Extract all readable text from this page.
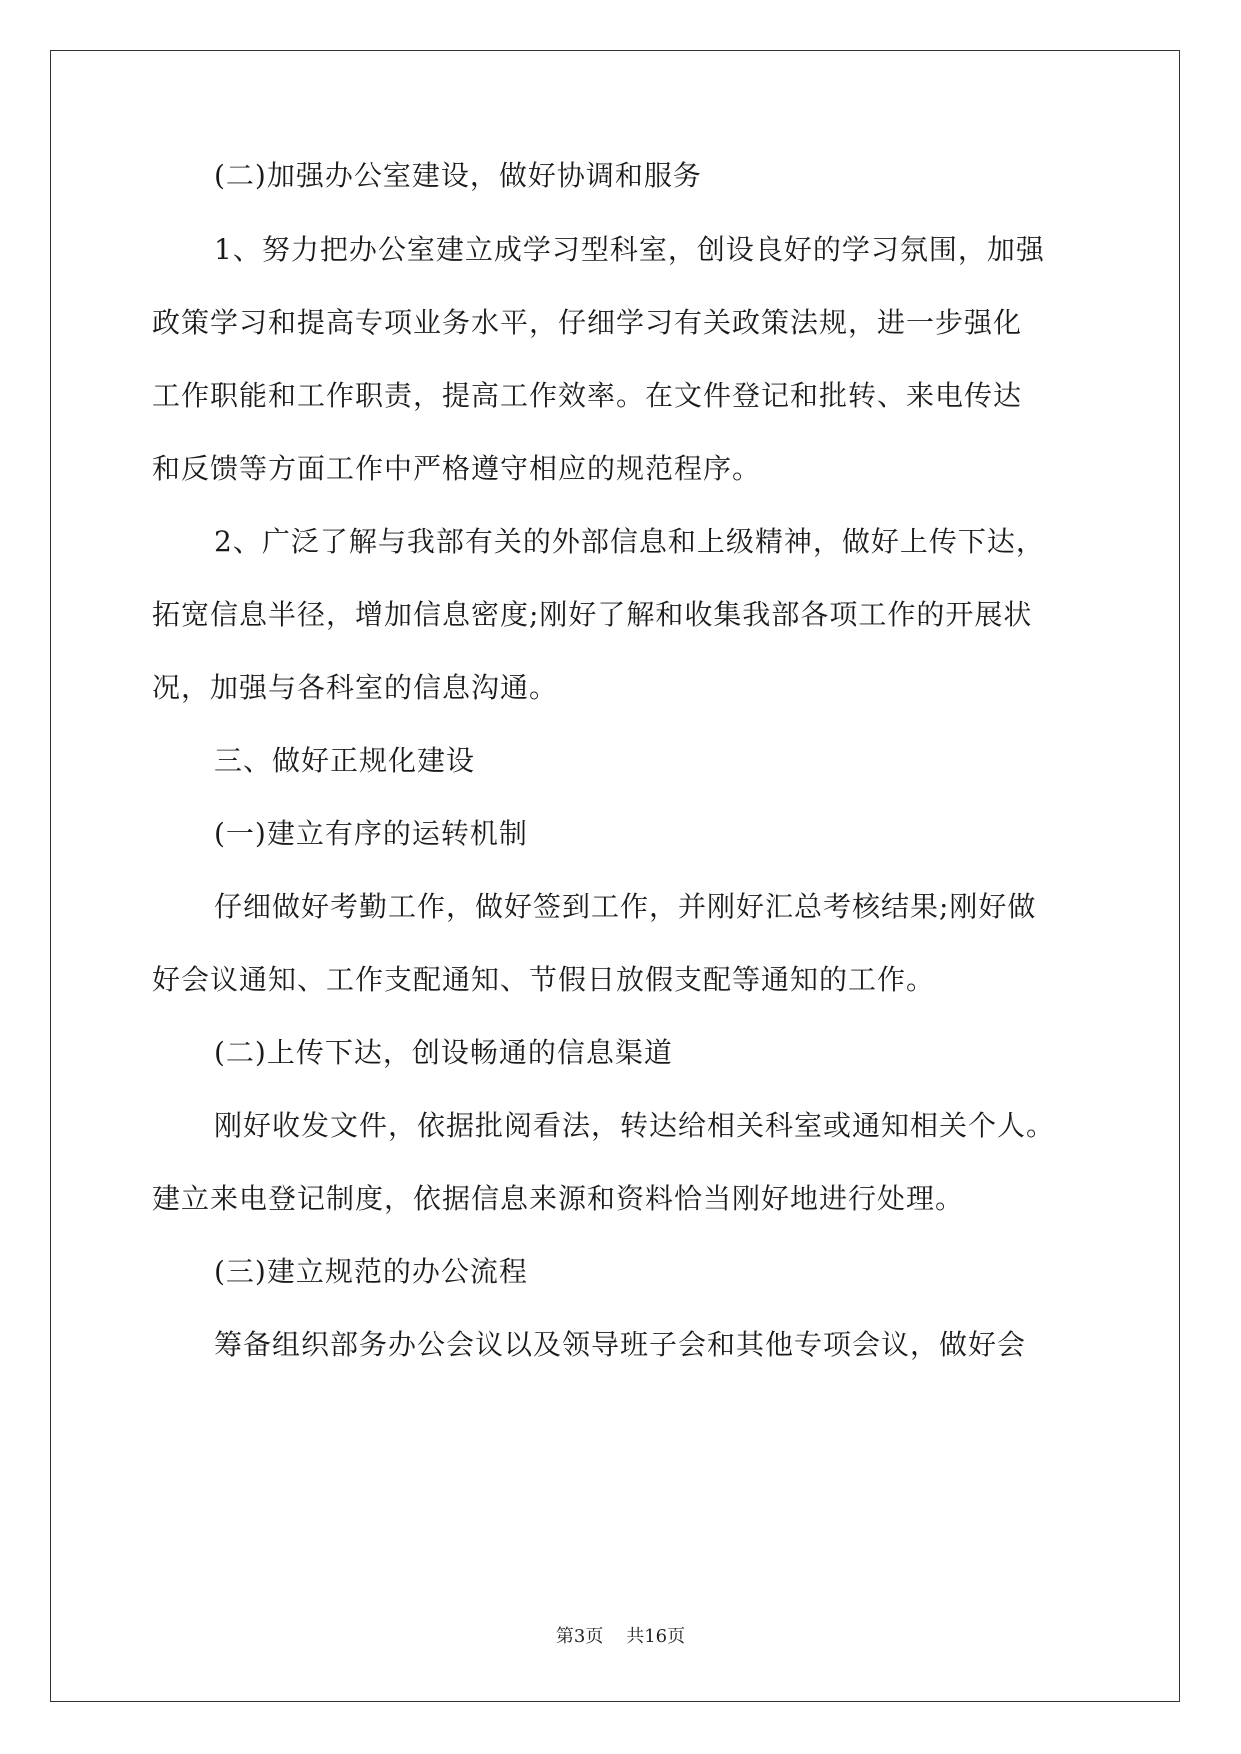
(二)加强办公室建设，做好协调和服务
1、努力把办公室建立成学习型科室，创设良好的学习氛围，加强
政策学习和提高专项业务水平，仔细学习有关政策法规，进一步强化
工作职能和工作职责，提高工作效率。在文件登记和批转、来电传达
和反馈等方面工作中严格遵守相应的规范程序。
2、广泛了解与我部有关的外部信息和上级精神，做好上传下达，
拓宽信息半径，增加信息密度;刚好了解和收集我部各项工作的开展状
况，加强与各科室的信息沟通。
三、做好正规化建设
(一)建立有序的运转机制
仔细做好考勤工作，做好签到工作，并刚好汇总考核结果;刚好做
好会议通知、工作支配通知、节假日放假支配等通知的工作。
(二)上传下达，创设畅通的信息渠道
刚好收发文件，依据批阅看法，转达给相关科室或通知相关个人。
建立来电登记制度，依据信息来源和资料恰当刚好地进行处理。
(三)建立规范的办公流程
筹备组织部务办公会议以及领导班子会和其他专项会议，做好会
第3页    共16页
